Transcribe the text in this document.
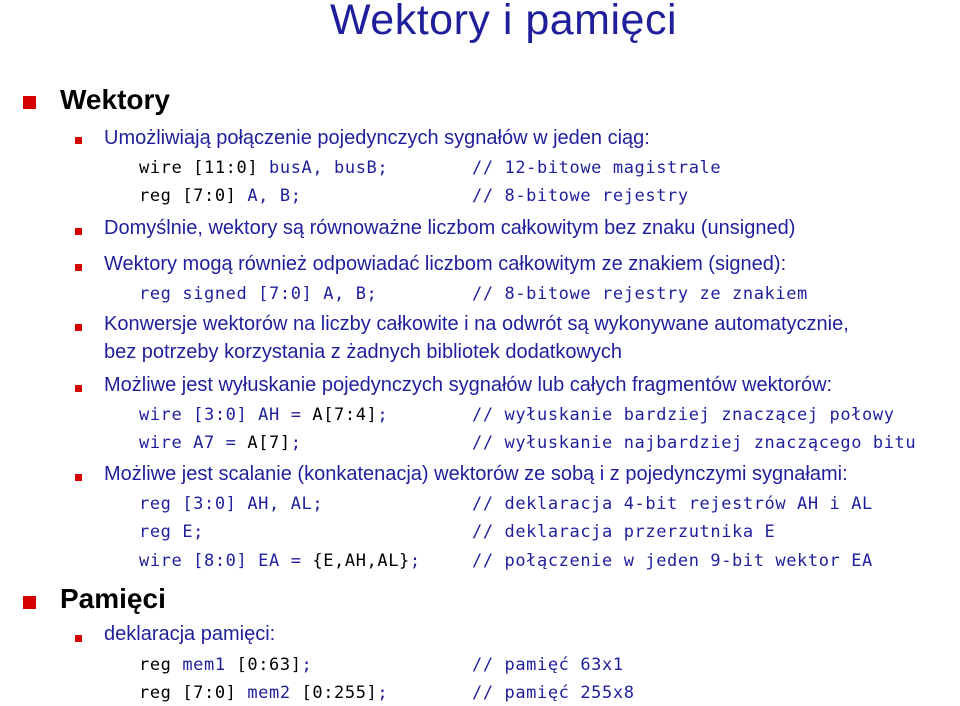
Wektory i pamięci
Wektory
Umożliwiają połączenie pojedynczych sygnałów w jeden ciąg:
wire [11:0] busA, busB;	// 12-bitowe magistrale
reg [7:0] A, B;	// 8-bitowe rejestry
Domyślnie, wektory są równoważne liczbom całkowitym bez znaku (unsigned)
Wektory mogą również odpowiadać liczbom całkowitym ze znakiem (signed):
reg signed [7:0] A, B;	// 8-bitowe rejestry ze znakiem
Konwersje wektorów na liczby całkowite i na odwrót są wykonywane automatycznie,
bez potrzeby korzystania z żadnych bibliotek dodatkowych
Możliwe jest wyłuskanie pojedynczych sygnałów lub całych fragmentów wektorów:
wire [3:0] AH = A[7:4];	// wyłuskanie bardziej znaczącej połowy
wire A7 = A[7];	// wyłuskanie najbardziej znaczącego bitu
Możliwe jest scalanie (konkatenacja) wektorów ze sobą i z pojedynczymi sygnałami:
reg [3:0] AH, AL;	// deklaracja 4-bit rejestrów AH i AL
reg E;	// deklaracja przerzutnika E
wire [8:0] EA = {E,AH,AL};	// połączenie w jeden 9-bit wektor EA
Pamięci
deklaracja pamięci:
reg mem1 [0:63];	// pamięć 63x1
reg [7:0] mem2 [0:255];	// pamięć 255x8
